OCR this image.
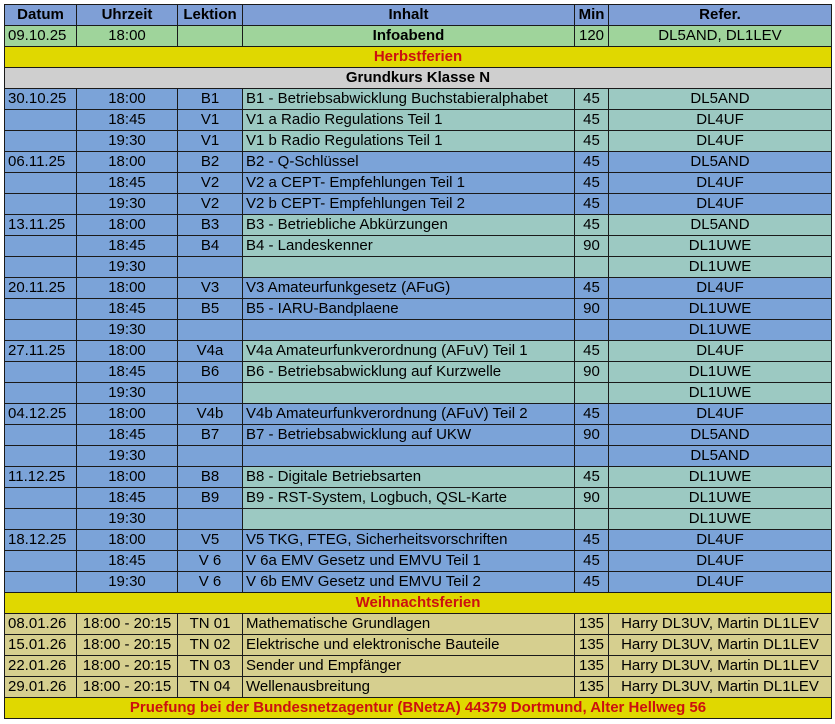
Datum	Uhrzeit	Lektion	Inhalt	Min	Refer.
09.10.25	18:00		Infoabend	120	DL5AND, DL1LEV
Herbstferien					
Grundkurs Klasse N					
30.10.25	18:00	B1	B1 - Betriebsabwicklung Buchstabieralphabet	45	DL5AND
	18:45	V1	V1 a Radio Regulations Teil 1	45	DL4UF
	19:30	V1	V1 b Radio Regulations Teil 1	45	DL4UF
06.11.25	18:00	B2	B2 - Q-Schlüssel	45	DL5AND
	18:45	V2	V2 a CEPT- Empfehlungen Teil 1	45	DL4UF
	19:30	V2	V2 b CEPT- Empfehlungen Teil 2	45	DL4UF
13.11.25	18:00	B3	B3 - Betriebliche Abkürzungen	45	DL5AND
	18:45	B4	B4 - Landeskenner	90	DL1UWE
	19:30				DL1UWE
20.11.25	18:00	V3	V3 Amateurfunkgesetz (AFuG)	45	DL4UF
	18:45	B5	B5 - IARU-Bandplaene	90	DL1UWE
	19:30				DL1UWE
27.11.25	18:00	V4a	V4a Amateurfunkverordnung (AFuV) Teil 1	45	DL4UF
	18:45	B6	B6 - Betriebsabwicklung auf Kurzwelle	90	DL1UWE
	19:30				DL1UWE
04.12.25	18:00	V4b	V4b Amateurfunkverordnung (AFuV) Teil 2	45	DL4UF
	18:45	B7	B7 - Betriebsabwicklung auf UKW	90	DL5AND
	19:30				DL5AND
11.12.25	18:00	B8	B8 - Digitale Betriebsarten	45	DL1UWE
	18:45	B9	B9 - RST-System, Logbuch, QSL-Karte	90	DL1UWE
	19:30				DL1UWE
18.12.25	18:00	V5	V5 TKG, FTEG, Sicherheitsvorschriften	45	DL4UF
	18:45	V 6	V 6a EMV Gesetz und EMVU Teil 1	45	DL4UF
	19:30	V 6	V 6b EMV Gesetz und EMVU Teil 2	45	DL4UF
Weihnachtsferien					
08.01.26	18:00 - 20:15	TN 01	Mathematische Grundlagen	135	Harry DL3UV, Martin DL1LEV
15.01.26	18:00 - 20:15	TN 02	Elektrische und elektronische Bauteile	135	Harry DL3UV, Martin DL1LEV
22.01.26	18:00 - 20:15	TN 03	Sender und Empfänger	135	Harry DL3UV, Martin DL1LEV
29.01.26	18:00 - 20:15	TN 04	Wellenausbreitung	135	Harry DL3UV, Martin DL1LEV
Pruefung bei der Bundesnetzagentur (BNetzA) 44379 Dortmund, Alter Hellweg 56					
